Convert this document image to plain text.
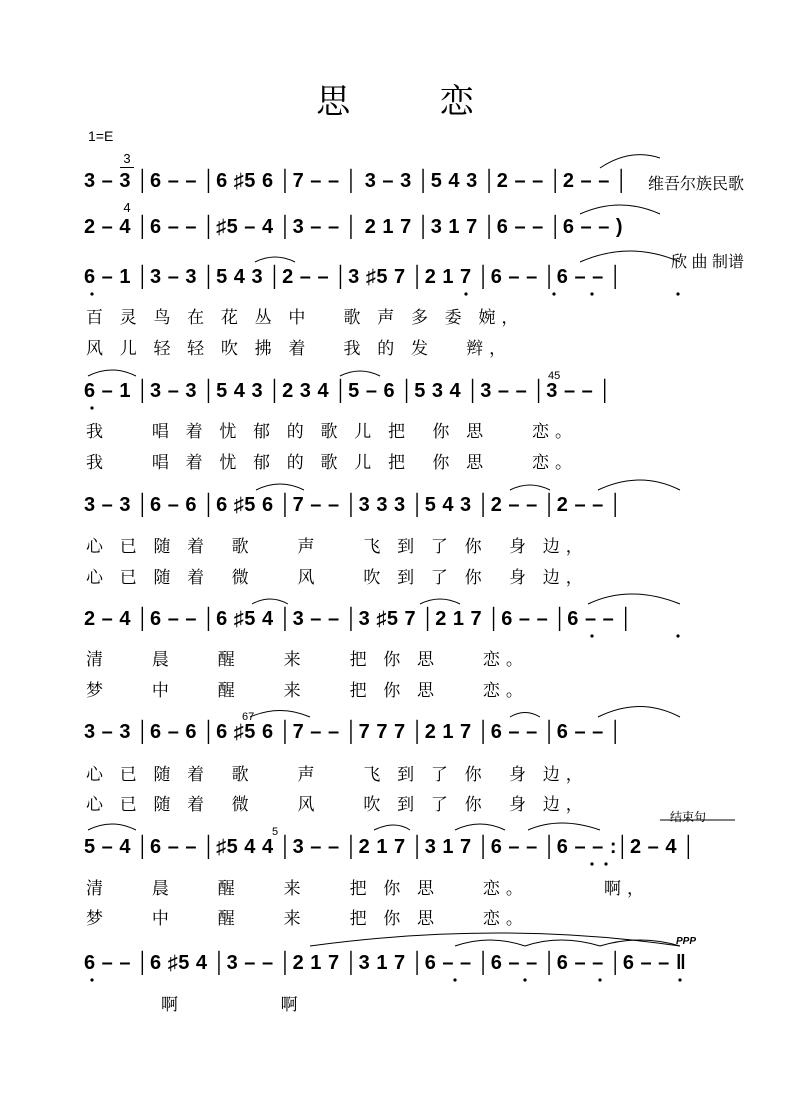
思 恋
1=E

$\frac{3}{4}$

	维吾尔族民歌

欣 曲 制谱

3 – 3 │6 – – │6 ♯5 6 │7 – – │ 3 – 3 │5 4 3 │2 – – │2 – – │
2 – 4 │6 – – │♯5 – 4 │3 – – │ 2 1 7 │3 1 7 │6 – – │6 – – )
6 – 1 │3 – 3 │5 4 3 │2 – – │3 ♯5 7 │2 1 7 │6 – – │6 – – │
百 灵 鸟 在 花 丛 中   歌 声 多 委 婉，
风 儿 轻 轻 吹 拂 着   我 的 发   辫，
6 – 1 │3 – 3 │5 4 3 │2 3 4 │5 – 6 │5 3 4 │3 – – │3 – – │
我    唱 着 忧 郁 的 歌 儿 把  你 思    恋。
我    唱 着 忧 郁 的 歌 儿 把  你 思    恋。
3 – 3 │6 – 6 │6 ♯5 6 │7 – – │3 3 3 │5 4 3 │2 – – │2 – – │
心 已 随 着  歌    声    飞 到 了 你  身 边，
心 已 随 着  微    风    吹 到 了 你  身 边，
2 – 4 │6 – – │6 ♯5 4 │3 – – │3 ♯5 7 │2 1 7 │6 – – │6 – – │
清    晨    醒    来    把 你 思    恋。
梦    中    醒    来    把 你 思    恋。
3 – 3 │6 – 6 │6 ♯5 6 │7 – – │7 7 7 │2 1 7 │6 – – │6 – – │
心 已 随 着  歌    声    飞 到 了 你  身 边，
心 已 随 着  微    风    吹 到 了 你  身 边，
结束句
5 – 4 │6 – – │♯5 4 4 │3 – – │2 1 7 │3 1 7 │6 – – │6 – – :│2 – 4 │
清    晨    醒    来    把 你 思    恋。       啊，
梦    中    醒    来    把 你 思    恋。
PPP
6 – – │6 ♯5 4 │3 – – │2 1 7 │3 1 7 │6 – – │6 – – │6 – – │6 – – ‖
啊         啊
45
67
5
